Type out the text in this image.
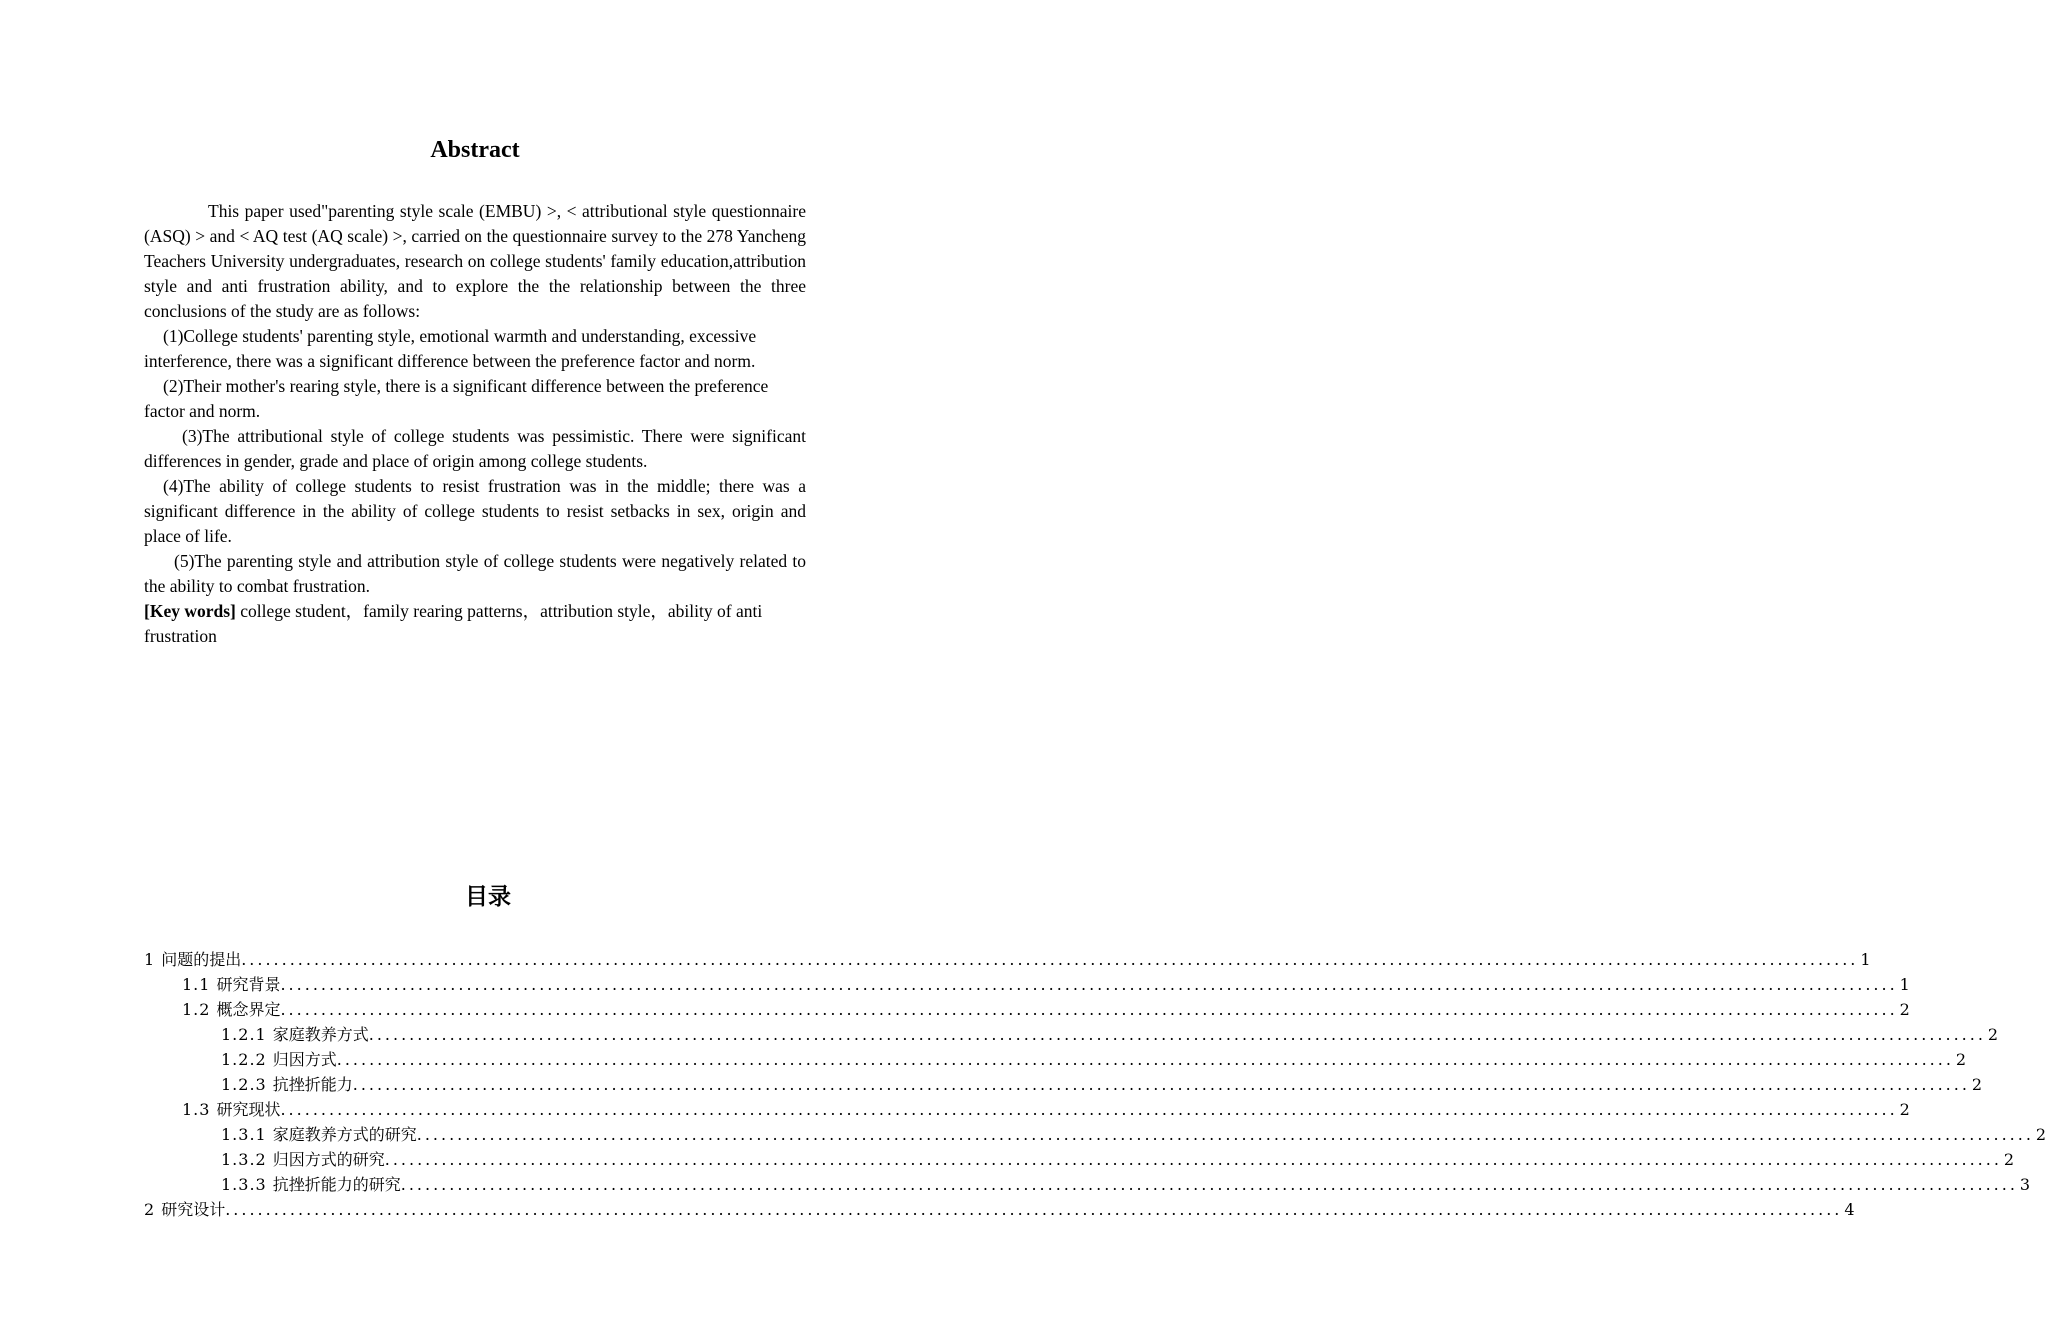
Abstract

This paper used"parenting style scale (EMBU) >, < attributional style questionnaire (ASQ) > and < AQ test (AQ scale) >, carried on the questionnaire survey to the 278 Yancheng Teachers University undergraduates, research on college students' family education,attribution style and anti frustration ability, and to explore the the relationship between the three conclusions of the study are as follows:

(1)College students' parenting style, emotional warmth and understanding, excessive interference, there was a significant difference between the preference factor and norm.

(2)Their mother's rearing style, there is a significant difference between the preference factor and norm.

(3)The attributional style of college students was pessimistic. There were significant differences in gender, grade and place of origin among college students.

(4)The ability of college students to resist frustration was in the middle; there was a significant difference in the ability of college students to resist setbacks in sex, origin and place of life.

(5)The parenting style and attribution style of college students were negatively related to the ability to combat frustration.

[Key words] college student，family rearing patterns，attribution style，ability of anti frustration

目录
1 问题的提出 ........................................................................................................................................................................................................ 1
1.1 研究背景 ........................................................................................................................................................................................................ 1
1.2 概念界定 ........................................................................................................................................................................................................ 2
1.2.1 家庭教养方式 ........................................................................................................................................................................................................ 2
1.2.2 归因方式 ........................................................................................................................................................................................................ 2
1.2.3 抗挫折能力 ........................................................................................................................................................................................................ 2
1.3 研究现状 ........................................................................................................................................................................................................ 2
1.3.1 家庭教养方式的研究 ........................................................................................................................................................................................................ 2
1.3.2 归因方式的研究 ........................................................................................................................................................................................................ 2
1.3.3 抗挫折能力的研究 ........................................................................................................................................................................................................ 3
2 研究设计 ........................................................................................................................................................................................................ 4
